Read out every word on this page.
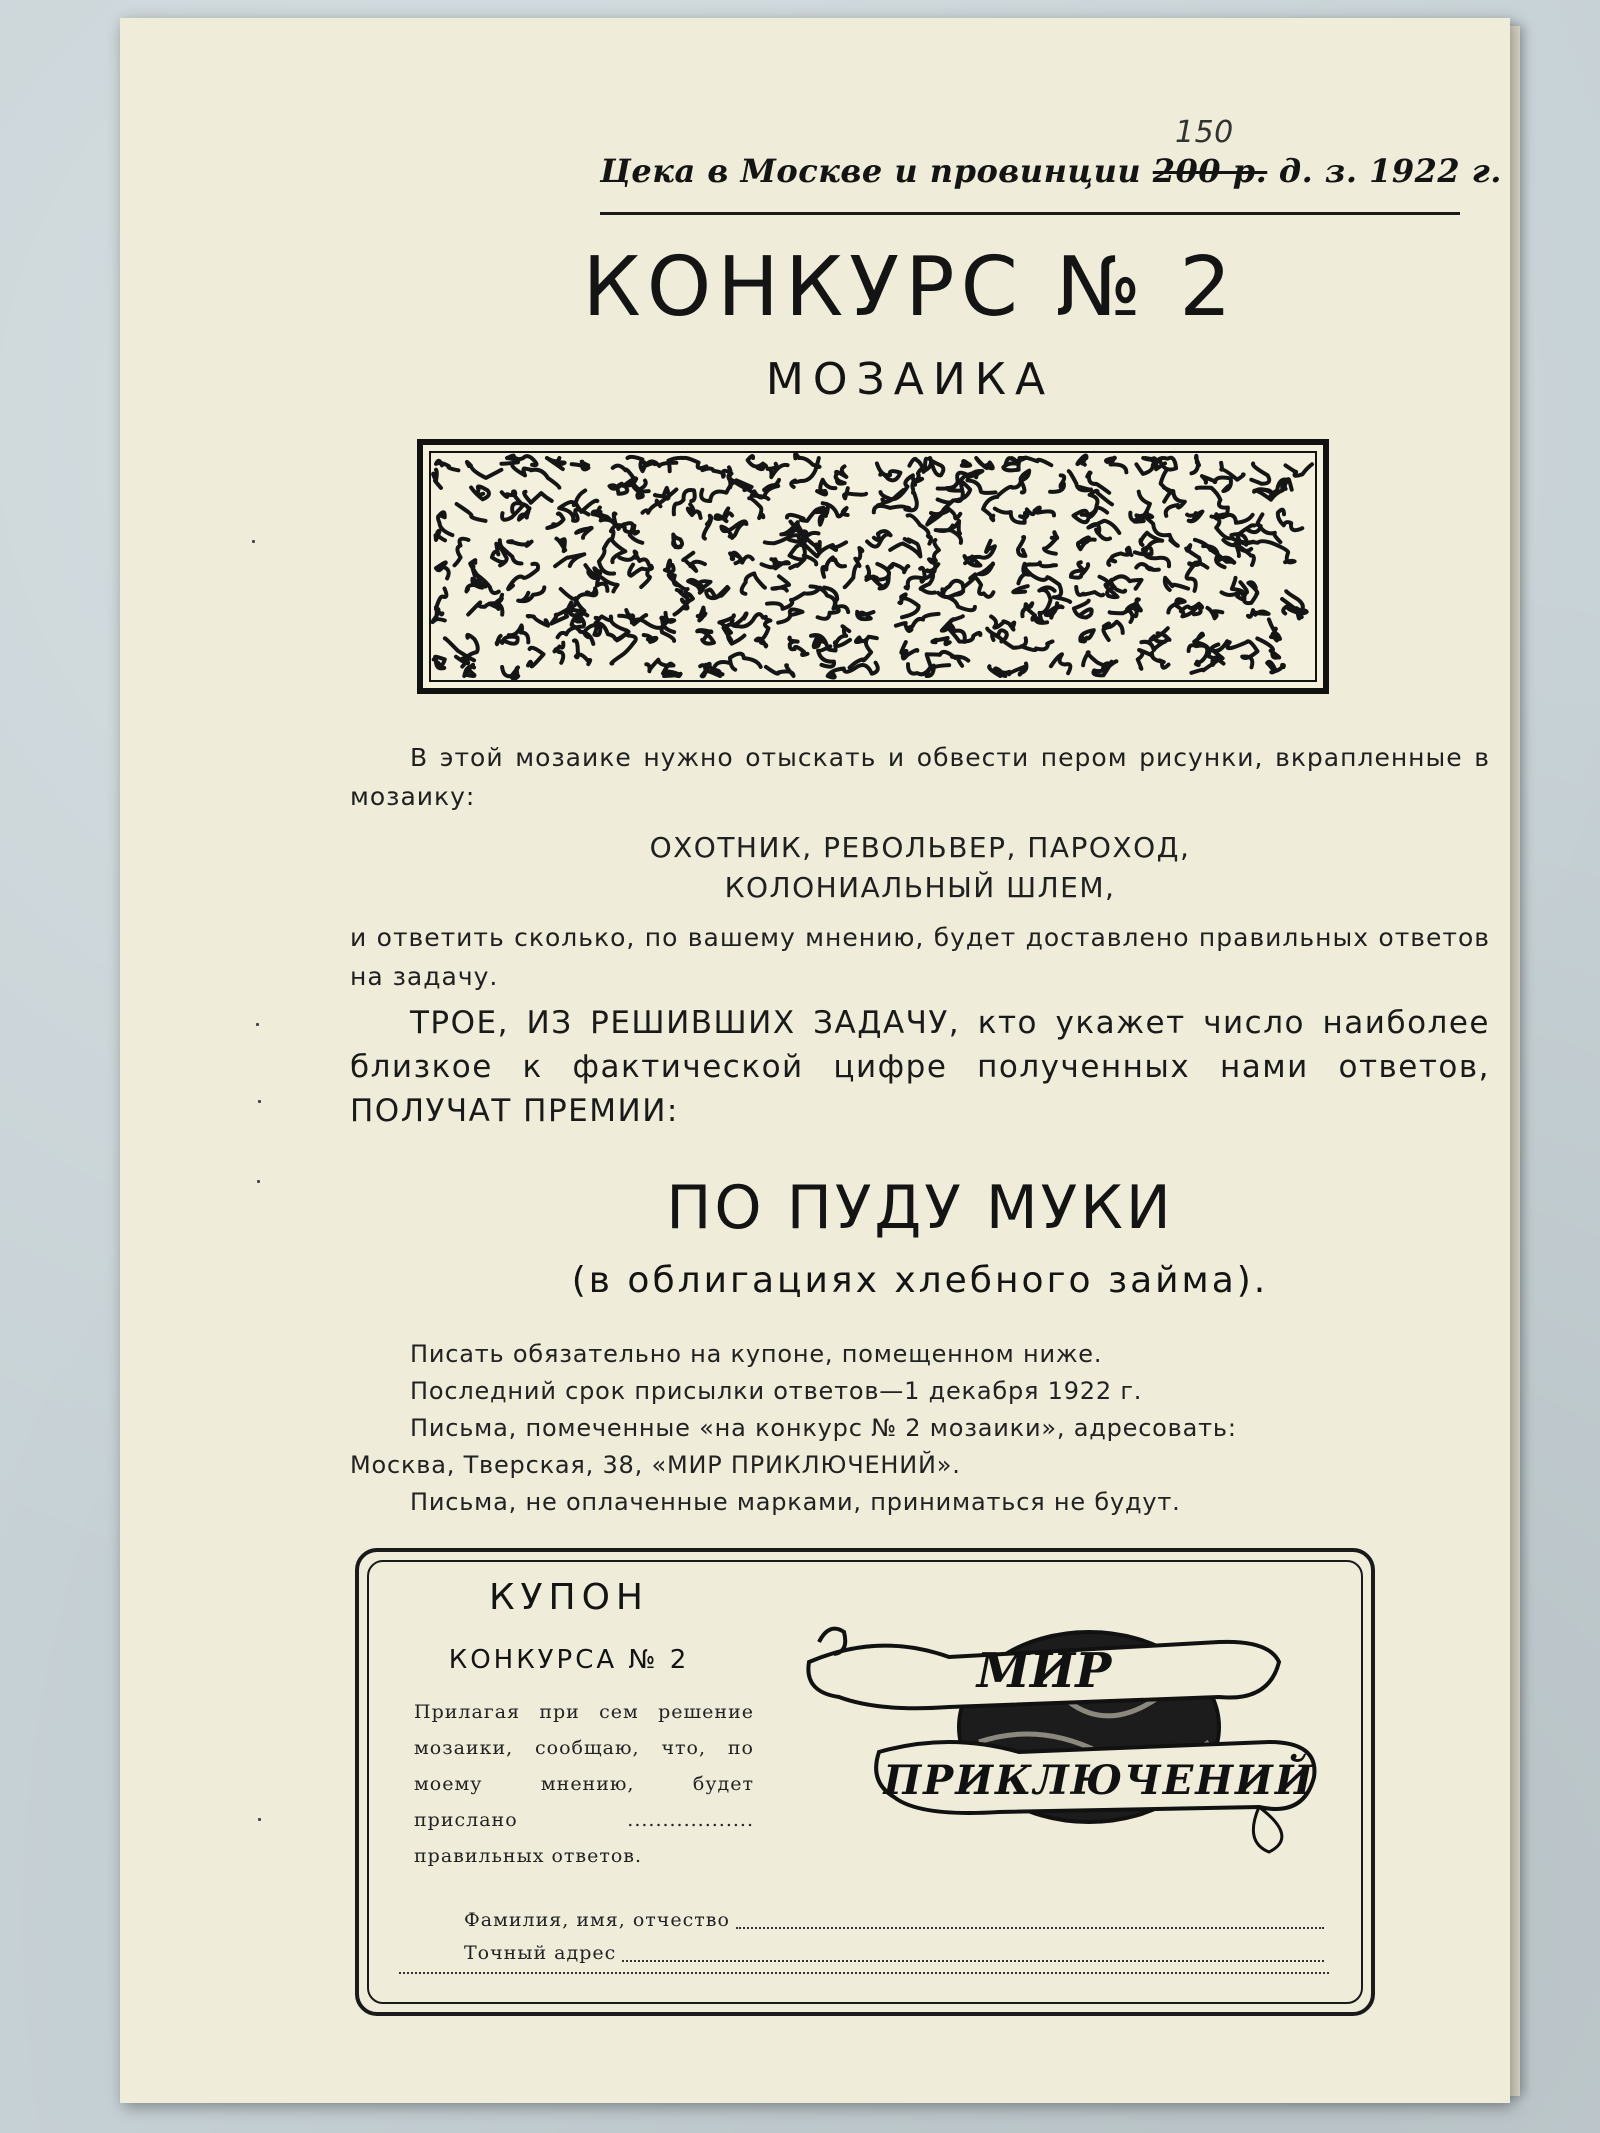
Цека в Москве и провинции 200 р. д. з. 1922 г.
150
КОНКУРС № 2
МОЗАИКА

В этой мозаике нужно отыскать и обвести пером рисунки, вкрапленные в мозаику:

ОХОТНИК, РЕВОЛЬВЕР, ПАРОХОД,
КОЛОНИАЛЬНЫЙ ШЛЕМ,

и ответить сколько, по вашему мнению, будет доставлено правильных ответов на задачу.

ТРОЕ, ИЗ РЕШИВШИХ ЗАДАЧУ, кто укажет число наиболее близкое к фактической цифре полученных нами ответов, ПОЛУЧАТ ПРЕМИИ:

ПО ПУДУ МУКИ
(в облигациях хлебного займа).

Писать обязательно на купоне, помещенном ниже.

Последний срок присылки ответов—1 декабря 1922 г.

Письма, помеченные «на конкурс № 2 мозаики», адресовать:

Москва, Тверская, 38, «МИР ПРИКЛЮЧЕНИЙ».

Письма, не оплаченные марками, приниматься не будут.

КУПОН
КОНКУРСА № 2
Прилагая при сем решение мозаики, сообщаю, что, по моему мнению, будет прислано .................. правильных ответов.
Фамилия, имя, отчество
Точный адрес
МИР
ПРИКЛЮЧЕНИЙ
